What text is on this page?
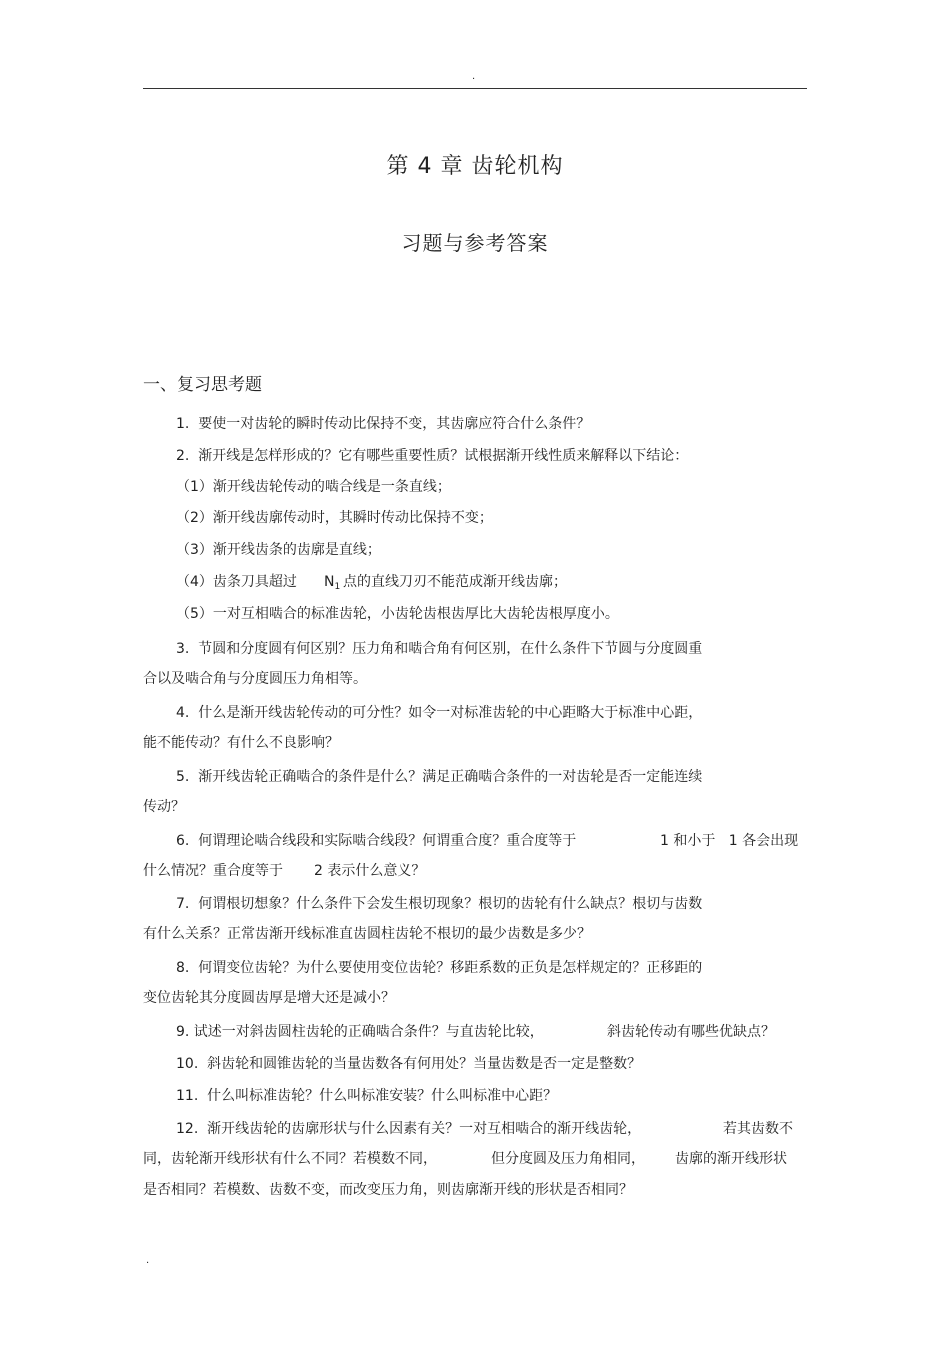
.
第 4 章 齿轮机构
习题与参考答案
一、复习思考题
1.  要使一对齿轮的瞬时传动比保持不变，其齿廓应符合什么条件？
2.  渐开线是怎样形成的？它有哪些重要性质？试根据渐开线性质来解释以下结论：
（1）渐开线齿轮传动的啮合线是一条直线；
（2）渐开线齿廓传动时，其瞬时传动比保持不变；
（3）渐开线齿条的齿廓是直线；
（4）齿条刀具超过 $N_1$ 点的直线刀刃不能范成渐开线齿廓；
（5）一对互相啮合的标准齿轮，小齿轮齿根齿厚比大齿轮齿根厚度小。
3.  节圆和分度圆有何区别？压力角和啮合角有何区别，在什么条件下节圆与分度圆重
合以及啮合角与分度圆压力角相等。
4.  什么是渐开线齿轮传动的可分性？如令一对标准齿轮的中心距略大于标准中心距，
能不能传动？有什么不良影响？
5.  渐开线齿轮正确啮合的条件是什么？满足正确啮合条件的一对齿轮是否一定能连续
传动？
6.  何谓理论啮合线段和实际啮合线段？何谓重合度？重合度等于	1 和小于   1 各会出现
什么情况？重合度等于 2 表示什么意义？
7.  何谓根切想象？什么条件下会发生根切现象？根切的齿轮有什么缺点？根切与齿数
有什么关系？正常齿渐开线标准直齿圆柱齿轮不根切的最少齿数是多少？
8.  何谓变位齿轮？为什么要使用变位齿轮？移距系数的正负是怎样规定的？正移距的
变位齿轮其分度圆齿厚是增大还是减小？
9. 试述一对斜齿圆柱齿轮的正确啮合条件？与直齿轮比较，	斜齿轮传动有哪些优缺点？
10.  斜齿轮和圆锥齿轮的当量齿数各有何用处？当量齿数是否一定是整数？
11.  什么叫标准齿轮？什么叫标准安装？什么叫标准中心距？
12.  渐开线齿轮的齿廓形状与什么因素有关？一对互相啮合的渐开线齿轮，	若其齿数不
同，齿轮渐开线形状有什么不同？若模数不同，	但分度圆及压力角相同， 齿廓的渐开线形状
是否相同？若模数、齿数不变，而改变压力角，则齿廓渐开线的形状是否相同？
.
